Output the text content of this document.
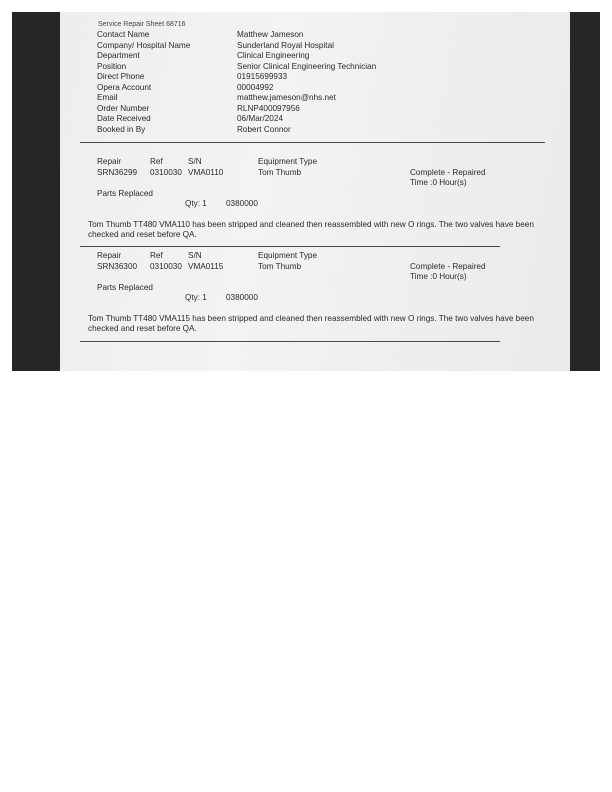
Service Repair Sheet 68716
Contact Name	Matthew Jameson
Company/ Hospital Name	Sunderland Royal Hospital
Department	Clinical Engineering
Position	Senior Clinical Engineering Technician
Direct Phone	01915699933
Opera Account	00004992
Email	matthew.jameson@nhs.net
Order Number	RLNP400097956
Date Received	06/Mar/2024
Booked in By	Robert Connor
Repair	Ref	S/N	Equipment Type
SRN36299 0310030 VMA0110	Tom Thumb	Complete - Repaired
Time :0 Hour(s)
Parts Replaced
Qty: 1 0380000
Tom Thumb TT480 VMA110 has been stripped and cleaned then reassembled with new O rings. The two valves have been checked and reset before QA.
Repair	Ref	S/N	Equipment Type
SRN36300 0310030 VMA0115	Tom Thumb	Complete - Repaired
Time :0 Hour(s)
Parts Replaced
Qty: 1 0380000
Tom Thumb TT480 VMA115 has been stripped and cleaned then reassembled with new O rings. The two valves have been checked and reset before QA.
